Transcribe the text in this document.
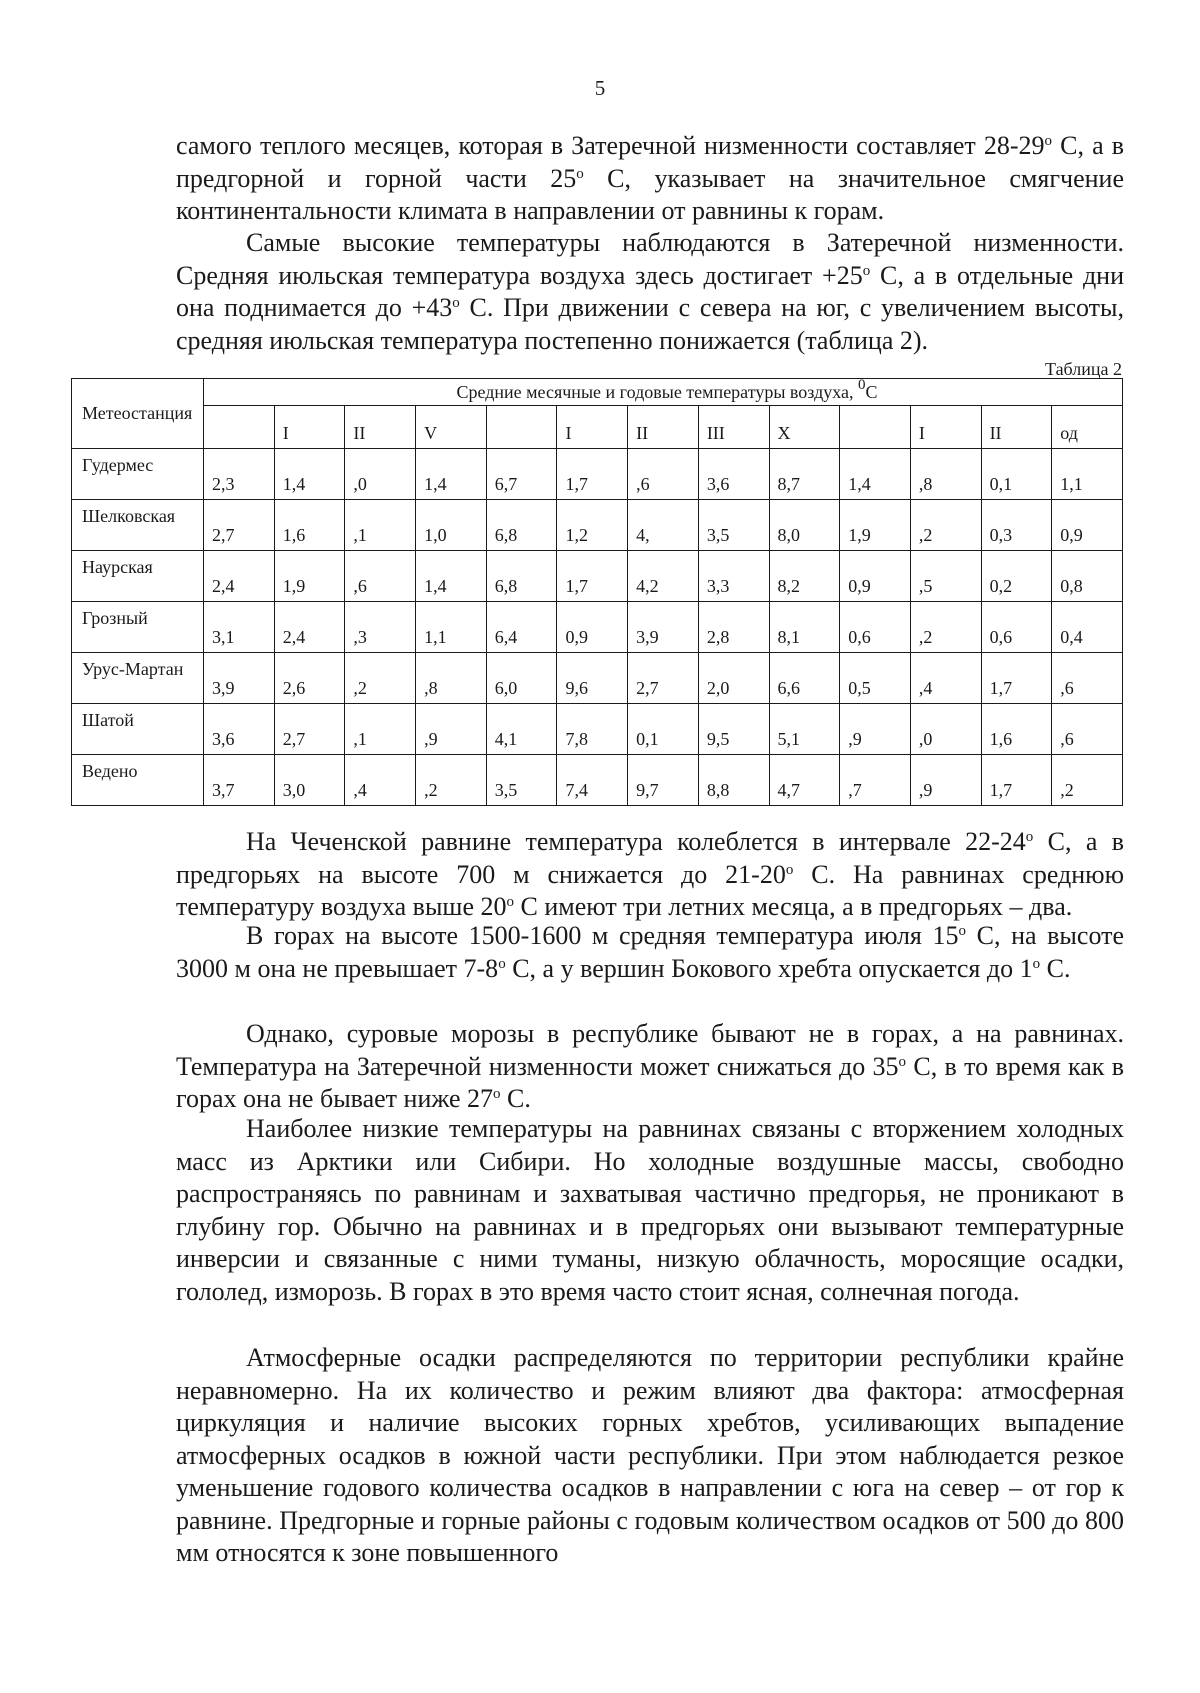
5

самого теплого месяцев, которая в Затеречной низменности составляет $28-29^о$ С, а в предгорной и горной части $25^о$ С, указывает на значительное смягчение континентальности климата в направлении от равнины к горам.

Самые высокие температуры наблюдаются в Затеречной низменности. Средняя июльская температура воздуха здесь достигает $+25^о$ С, а в отдельные дни она поднимается до $+43^о$ С. При движении с севера на юг, с увеличением высоты, средняя июльская температура постепенно понижается (таблица 2).

Таблица 2
Метеостанция	Средние месячные и годовые температуры воздуха, $^0$С												
		I	II	V		I	II	III	X		I	II	од
Гудермес	2,3	1,4	,0	1,4	6,7	1,7	,6	3,6	8,7	1,4	,8	0,1	1,1
Шелковская	2,7	1,6	,1	1,0	6,8	1,2	4,	3,5	8,0	1,9	,2	0,3	0,9
Наурская	2,4	1,9	,6	1,4	6,8	1,7	4,2	3,3	8,2	0,9	,5	0,2	0,8
Грозный	3,1	2,4	,3	1,1	6,4	0,9	3,9	2,8	8,1	0,6	,2	0,6	0,4
Урус-Мартан	3,9	2,6	,2	,8	6,0	9,6	2,7	2,0	6,6	0,5	,4	1,7	,6
Шатой	3,6	2,7	,1	,9	4,1	7,8	0,1	9,5	5,1	,9	,0	1,6	,6
Ведено	3,7	3,0	,4	,2	3,5	7,4	9,7	8,8	4,7	,7	,9	1,7	,2

На Чеченской равнине температура колеблется в интервале $22-24^о$ С, а в предгорьях на высоте 700 м снижается до $21-20^о$ С. На равнинах среднюю температуру воздуха выше $20^о$ С имеют три летних месяца, а в предгорьях – два.

В горах на высоте 1500-1600 м средняя температура июля $15^о$ С, на высоте 3000 м она не превышает $7-8^о$ С, а у вершин Бокового хребта опускается до $1^о$ С.

Однако, суровые морозы в республике бывают не в горах, а на равнинах. Температура на Затеречной низменности может снижаться до $35^о$ С, в то время как в горах она не бывает ниже $27^о$ С.

Наиболее низкие температуры на равнинах связаны с вторжением холодных масс из Арктики или Сибири. Но холодные воздушные массы, свободно распространяясь по равнинам и захватывая частично предгорья, не проникают в глубину гор. Обычно на равнинах и в предгорьях они вызывают температурные инверсии и связанные с ними туманы, низкую облачность, моросящие осадки, гололед, изморозь. В горах в это время часто стоит ясная, солнечная погода.

Атмосферные осадки распределяются по территории республики крайне неравномерно. На их количество и режим влияют два фактора: атмосферная циркуляция и наличие высоких горных хребтов, усиливающих выпадение атмосферных осадков в южной части республики. При этом наблюдается резкое уменьшение годового количества осадков в направлении с юга на север – от гор к равнине. Предгорные и горные районы с годовым количеством осадков от 500 до 800 мм относятся к зоне повышенного
